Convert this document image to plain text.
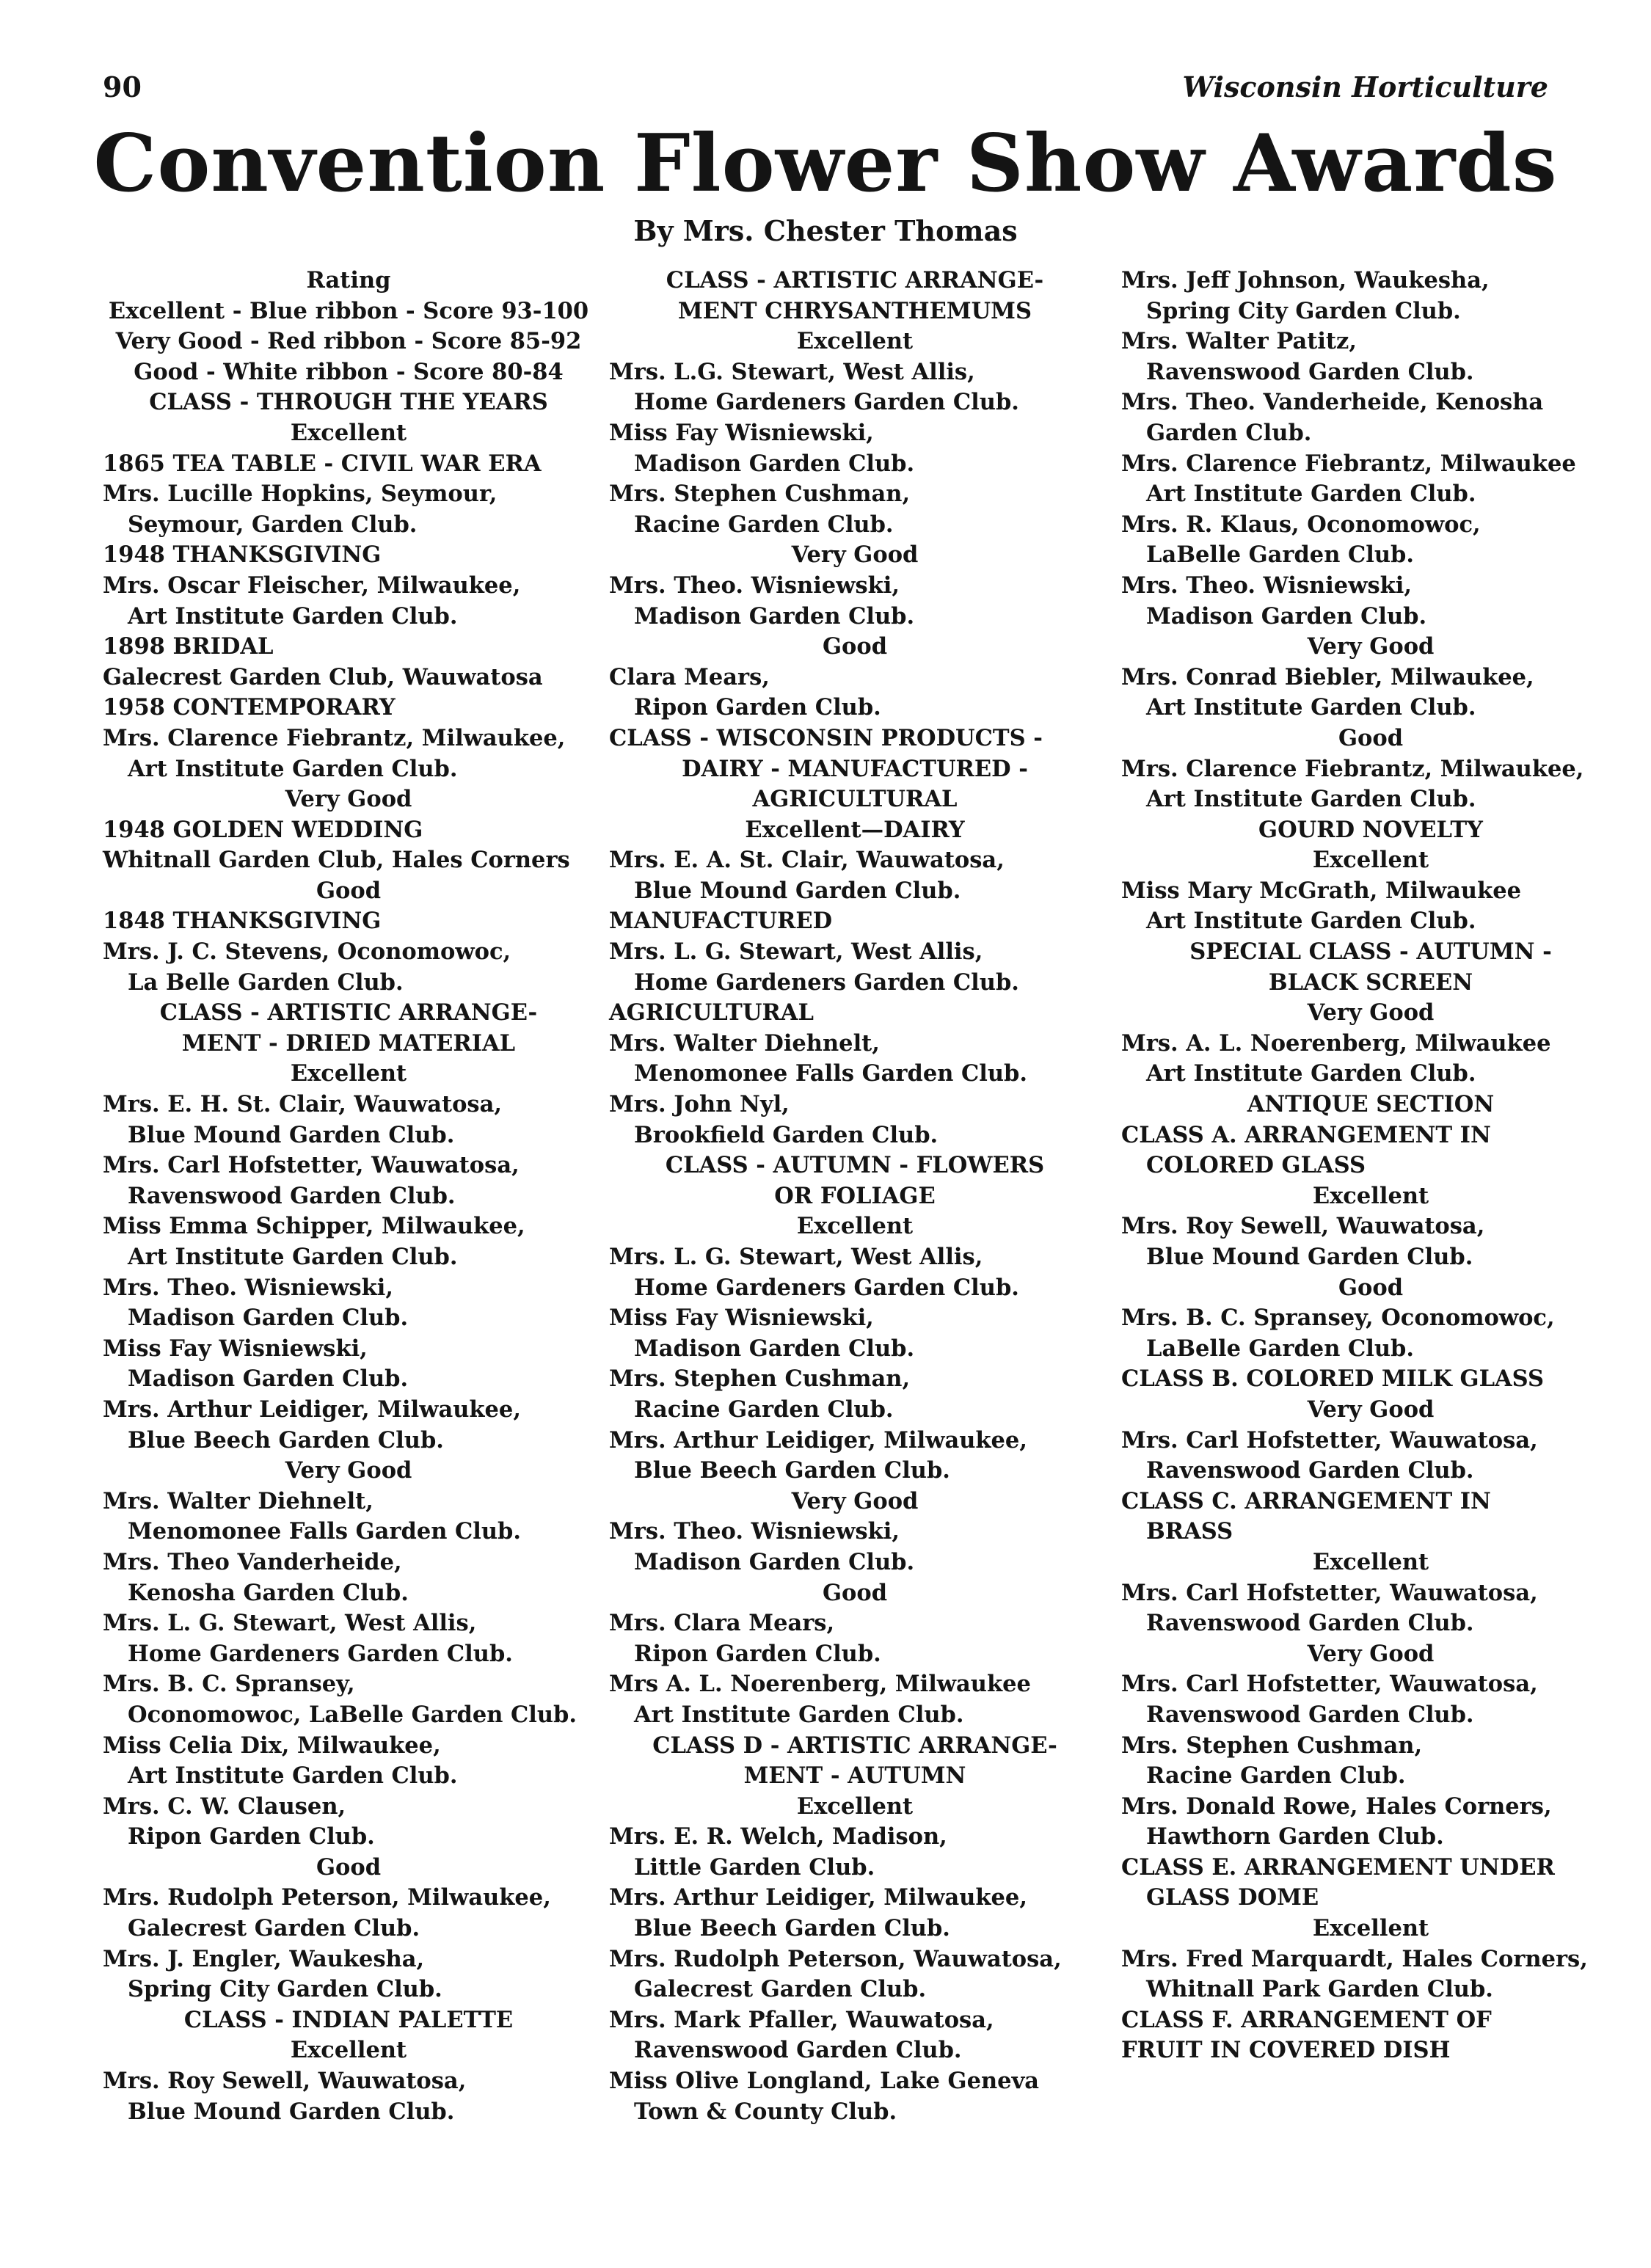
90	Wisconsin Horticulture
Convention Flower Show Awards
By Mrs. Chester Thomas
Rating
Excellent - Blue ribbon - Score 93-100
Very Good - Red ribbon - Score 85-92
Good - White ribbon - Score 80-84
CLASS - THROUGH THE YEARS
Excellent
1865 TEA TABLE - CIVIL WAR ERA
Mrs. Lucille Hopkins, Seymour,
Seymour, Garden Club.
1948 THANKSGIVING
Mrs. Oscar Fleischer, Milwaukee,
Art Institute Garden Club.
1898 BRIDAL
Galecrest Garden Club, Wauwatosa
1958 CONTEMPORARY
Mrs. Clarence Fiebrantz, Milwaukee,
Art Institute Garden Club.
Very Good
1948 GOLDEN WEDDING
Whitnall Garden Club, Hales Corners
Good
1848 THANKSGIVING
Mrs. J. C. Stevens, Oconomowoc,
La Belle Garden Club.
CLASS - ARTISTIC ARRANGE-
MENT - DRIED MATERIAL
Excellent
Mrs. E. H. St. Clair, Wauwatosa,
Blue Mound Garden Club.
Mrs. Carl Hofstetter, Wauwatosa,
Ravenswood Garden Club.
Miss Emma Schipper, Milwaukee,
Art Institute Garden Club.
Mrs. Theo. Wisniewski,
Madison Garden Club.
Miss Fay Wisniewski,
Madison Garden Club.
Mrs. Arthur Leidiger, Milwaukee,
Blue Beech Garden Club.
Very Good
Mrs. Walter Diehnelt,
Menomonee Falls Garden Club.
Mrs. Theo Vanderheide,
Kenosha Garden Club.
Mrs. L. G. Stewart, West Allis,
Home Gardeners Garden Club.
Mrs. B. C. Spransey,
Oconomowoc, LaBelle Garden Club.
Miss Celia Dix, Milwaukee,
Art Institute Garden Club.
Mrs. C. W. Clausen,
Ripon Garden Club.
Good
Mrs. Rudolph Peterson, Milwaukee,
Galecrest Garden Club.
Mrs. J. Engler, Waukesha,
Spring City Garden Club.
CLASS - INDIAN PALETTE
Excellent
Mrs. Roy Sewell, Wauwatosa,
Blue Mound Garden Club.
CLASS - ARTISTIC ARRANGE-
MENT CHRYSANTHEMUMS
Excellent
Mrs. L.G. Stewart, West Allis,
Home Gardeners Garden Club.
Miss Fay Wisniewski,
Madison Garden Club.
Mrs. Stephen Cushman,
Racine Garden Club.
Very Good
Mrs. Theo. Wisniewski,
Madison Garden Club.
Good
Clara Mears,
Ripon Garden Club.
CLASS - WISCONSIN PRODUCTS -
DAIRY - MANUFACTURED -
AGRICULTURAL
Excellent—DAIRY
Mrs. E. A. St. Clair, Wauwatosa,
Blue Mound Garden Club.
MANUFACTURED
Mrs. L. G. Stewart, West Allis,
Home Gardeners Garden Club.
AGRICULTURAL
Mrs. Walter Diehnelt,
Menomonee Falls Garden Club.
Mrs. John Nyl,
Brookfield Garden Club.
CLASS - AUTUMN - FLOWERS
OR FOLIAGE
Excellent
Mrs. L. G. Stewart, West Allis,
Home Gardeners Garden Club.
Miss Fay Wisniewski,
Madison Garden Club.
Mrs. Stephen Cushman,
Racine Garden Club.
Mrs. Arthur Leidiger, Milwaukee,
Blue Beech Garden Club.
Very Good
Mrs. Theo. Wisniewski,
Madison Garden Club.
Good
Mrs. Clara Mears,
Ripon Garden Club.
Mrs A. L. Noerenberg, Milwaukee
Art Institute Garden Club.
CLASS D - ARTISTIC ARRANGE-
MENT - AUTUMN
Excellent
Mrs. E. R. Welch, Madison,
Little Garden Club.
Mrs. Arthur Leidiger, Milwaukee,
Blue Beech Garden Club.
Mrs. Rudolph Peterson, Wauwatosa,
Galecrest Garden Club.
Mrs. Mark Pfaller, Wauwatosa,
Ravenswood Garden Club.
Miss Olive Longland, Lake Geneva
Town & County Club.
Mrs. Jeff Johnson, Waukesha,
Spring City Garden Club.
Mrs. Walter Patitz,
Ravenswood Garden Club.
Mrs. Theo. Vanderheide, Kenosha
Garden Club.
Mrs. Clarence Fiebrantz, Milwaukee
Art Institute Garden Club.
Mrs. R. Klaus, Oconomowoc,
LaBelle Garden Club.
Mrs. Theo. Wisniewski,
Madison Garden Club.
Very Good
Mrs. Conrad Biebler, Milwaukee,
Art Institute Garden Club.
Good
Mrs. Clarence Fiebrantz, Milwaukee,
Art Institute Garden Club.
GOURD NOVELTY
Excellent
Miss Mary McGrath, Milwaukee
Art Institute Garden Club.
SPECIAL CLASS - AUTUMN -
BLACK SCREEN
Very Good
Mrs. A. L. Noerenberg, Milwaukee
Art Institute Garden Club.
ANTIQUE SECTION
CLASS A. ARRANGEMENT IN
COLORED GLASS
Excellent
Mrs. Roy Sewell, Wauwatosa,
Blue Mound Garden Club.
Good
Mrs. B. C. Spransey, Oconomowoc,
LaBelle Garden Club.
CLASS B. COLORED MILK GLASS
Very Good
Mrs. Carl Hofstetter, Wauwatosa,
Ravenswood Garden Club.
CLASS C. ARRANGEMENT IN
BRASS
Excellent
Mrs. Carl Hofstetter, Wauwatosa,
Ravenswood Garden Club.
Very Good
Mrs. Carl Hofstetter, Wauwatosa,
Ravenswood Garden Club.
Mrs. Stephen Cushman,
Racine Garden Club.
Mrs. Donald Rowe, Hales Corners,
Hawthorn Garden Club.
CLASS E. ARRANGEMENT UNDER
GLASS DOME
Excellent
Mrs. Fred Marquardt, Hales Corners,
Whitnall Park Garden Club.
CLASS F. ARRANGEMENT OF
FRUIT IN COVERED DISH
